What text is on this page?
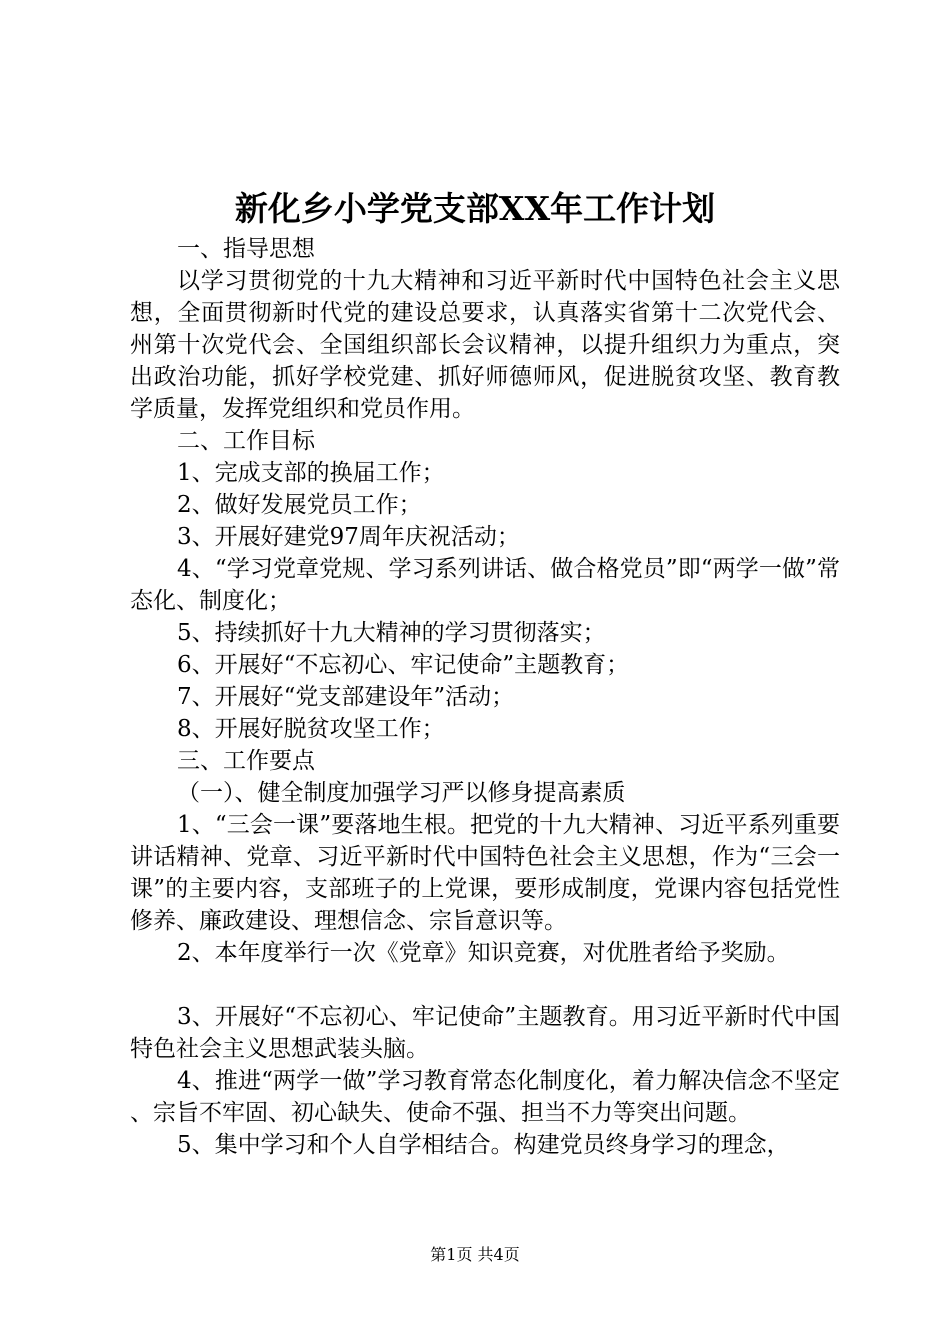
新化乡小学党支部XX年工作计划

一、指导思想

以学习贯彻党的十九大精神和习近平新时代中国特色社会主义思想，全面贯彻新时代党的建设总要求，认真落实省第十二次党代会、州第十次党代会、全国组织部长会议精神，以提升组织力为重点，突出政治功能，抓好学校党建、抓好师德师风，促进脱贫攻坚、教育教学质量，发挥党组织和党员作用。

二、工作目标

1、完成支部的换届工作；

2、做好发展党员工作；

3、开展好建党97周年庆祝活动；

4、“学习党章党规、学习系列讲话、做合格党员”即“两学一做”常态化、制度化；

5、持续抓好十九大精神的学习贯彻落实；

6、开展好“不忘初心、牢记使命”主题教育；

7、开展好“党支部建设年”活动；

8、开展好脱贫攻坚工作；

三、工作要点

（一）、健全制度加强学习严以修身提高素质

1、“三会一课”要落地生根。把党的十九大精神、习近平系列重要讲话精神、党章、习近平新时代中国特色社会主义思想，作为“三会一课”的主要内容，支部班子的上党课，要形成制度，党课内容包括党性修养、廉政建设、理想信念、宗旨意识等。

2、本年度举行一次《党章》知识竞赛，对优胜者给予奖励。

3、开展好“不忘初心、牢记使命”主题教育。用习近平新时代中国特色社会主义思想武装头脑。

4、推进“两学一做”学习教育常态化制度化，着力解决信念不坚定、宗旨不牢固、初心缺失、使命不强、担当不力等突出问题。

5、集中学习和个人自学相结合。构建党员终身学习的理念，

第1页 共4页
